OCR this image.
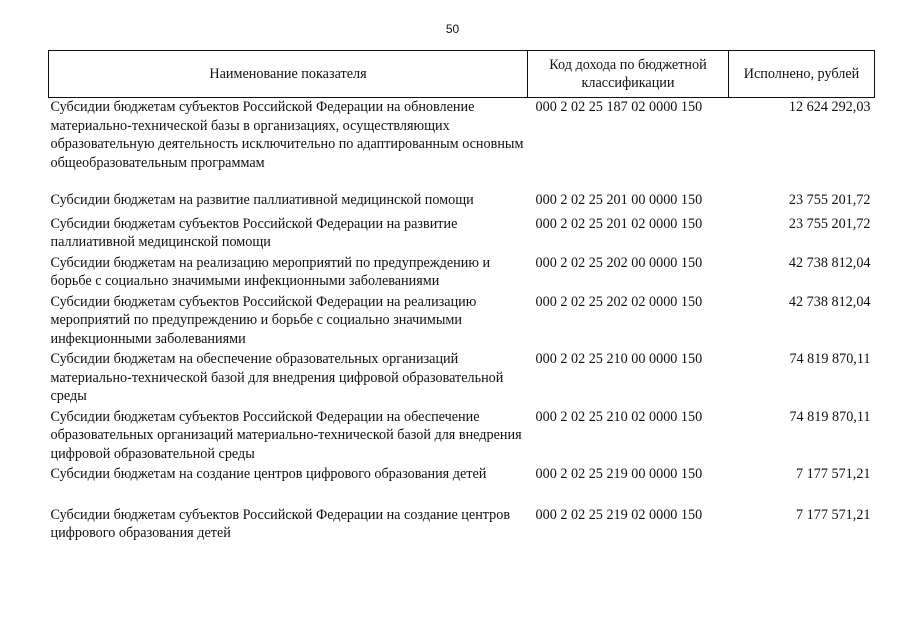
50
Наименование показателя	Код дохода по бюджетной классификации	Исполнено, рублей
Субсидии бюджетам субъектов Российской Федерации на обновление материально-технической базы в организациях, осуществляющих образовательную деятельность исключительно по адаптированным основным общеобразовательным программам	000 2 02 25 187 02 0000 150	12 624 292,03
Субсидии бюджетам на развитие паллиативной медицинской помощи	000 2 02 25 201 00 0000 150	23 755 201,72
Субсидии бюджетам субъектов Российской Федерации на развитие паллиативной медицинской помощи	000 2 02 25 201 02 0000 150	23 755 201,72
Субсидии бюджетам на реализацию мероприятий по предупреждению и борьбе с социально значимыми инфекционными заболеваниями	000 2 02 25 202 00 0000 150	42 738 812,04
Субсидии бюджетам субъектов Российской Федерации на реализацию мероприятий по предупреждению и борьбе с социально значимыми инфекционными заболеваниями	000 2 02 25 202 02 0000 150	42 738 812,04
Субсидии бюджетам на обеспечение образовательных организаций материально-технической базой для внедрения цифровой образовательной среды	000 2 02 25 210 00 0000 150	74 819 870,11
Субсидии бюджетам субъектов Российской Федерации на обеспечение образовательных организаций материально-технической базой для внедрения цифровой образовательной среды	000 2 02 25 210 02 0000 150	74 819 870,11
Субсидии бюджетам на создание центров цифрового образования детей	000 2 02 25 219 00 0000 150	7 177 571,21
Субсидии бюджетам субъектов Российской Федерации на создание центров цифрового образования детей	000 2 02 25 219 02 0000 150	7 177 571,21
